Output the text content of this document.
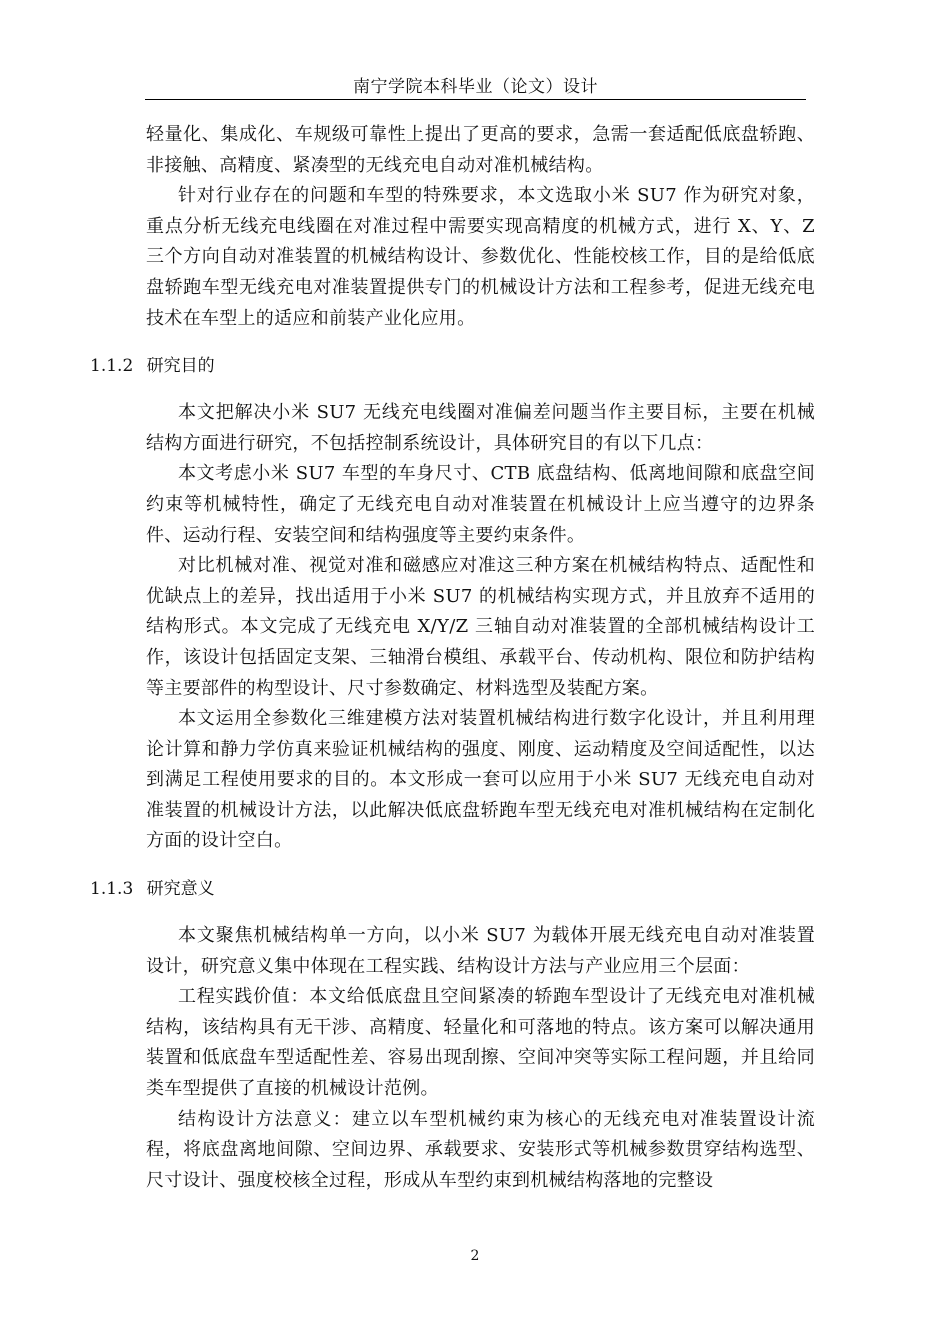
南宁学院本科毕业（论文）设计

轻量化、集成化、车规级可靠性上提出了更高的要求，急需一套适配低底盘轿跑、非接触、高精度、紧凑型的无线充电自动对准机械结构。

针对行业存在的问题和车型的特殊要求，本文选取小米 SU7 作为研究对象，重点分析无线充电线圈在对准过程中需要实现高精度的机械方式，进行 X、Y、Z 三个方向自动对准装置的机械结构设计、参数优化、性能校核工作，目的是给低底盘轿跑车型无线充电对准装置提供专门的机械设计方法和工程参考，促进无线充电技术在车型上的适应和前装产业化应用。

1.1.2 研究目的

本文把解决小米 SU7 无线充电线圈对准偏差问题当作主要目标，主要在机械结构方面进行研究，不包括控制系统设计，具体研究目的有以下几点：

本文考虑小米 SU7 车型的车身尺寸、CTB 底盘结构、低离地间隙和底盘空间约束等机械特性，确定了无线充电自动对准装置在机械设计上应当遵守的边界条件、运动行程、安装空间和结构强度等主要约束条件。

对比机械对准、视觉对准和磁感应对准这三种方案在机械结构特点、适配性和优缺点上的差异，找出适用于小米 SU7 的机械结构实现方式，并且放弃不适用的结构形式。本文完成了无线充电 X/Y/Z 三轴自动对准装置的全部机械结构设计工作，该设计包括固定支架、三轴滑台模组、承载平台、传动机构、限位和防护结构等主要部件的构型设计、尺寸参数确定、材料选型及装配方案。

本文运用全参数化三维建模方法对装置机械结构进行数字化设计，并且利用理论计算和静力学仿真来验证机械结构的强度、刚度、运动精度及空间适配性，以达到满足工程使用要求的目的。本文形成一套可以应用于小米 SU7 无线充电自动对准装置的机械设计方法，以此解决低底盘轿跑车型无线充电对准机械结构在定制化方面的设计空白。

1.1.3 研究意义

本文聚焦机械结构单一方向，以小米 SU7 为载体开展无线充电自动对准装置设计，研究意义集中体现在工程实践、结构设计方法与产业应用三个层面：

工程实践价值：本文给低底盘且空间紧凑的轿跑车型设计了无线充电对准机械结构，该结构具有无干涉、高精度、轻量化和可落地的特点。该方案可以解决通用装置和低底盘车型适配性差、容易出现刮擦、空间冲突等实际工程问题，并且给同类车型提供了直接的机械设计范例。

结构设计方法意义：建立以车型机械约束为核心的无线充电对准装置设计流程，将底盘离地间隙、空间边界、承载要求、安装形式等机械参数贯穿结构选型、尺寸设计、强度校核全过程，形成从车型约束到机械结构落地的完整设

2
